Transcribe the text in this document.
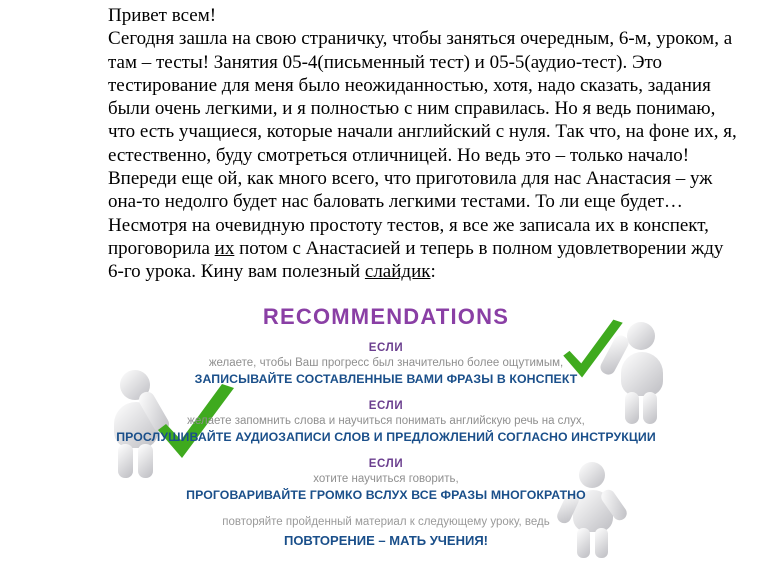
Привет всем!

Сегодня зашла на свою страничку, чтобы заняться очередным, 6-м, уроком, а там – тесты! Занятия 05-4(письменный тест) и 05-5(аудио-тест). Это тестирование для меня было неожиданностью, хотя, надо сказать, задания были очень легкими, и я полностью с ним справилась. Но я ведь понимаю, что есть учащиеся, которые начали английский с нуля. Так что, на фоне их, я, естественно, буду смотреться отличницей. Но ведь это – только начало! Впереди еще ой, как много всего, что приготовила для нас Анастасия – уж она-то недолго будет нас баловать легкими тестами. То ли еще будет… Несмотря на очевидную простоту тестов, я все же записала их в конспект, проговорила их потом с Анастасией и теперь в полном удовлетворении жду 6-го урока. Кину вам полезный слайдик:

RECOMMENDATIONS
ЕСЛИ
желаете, чтобы Ваш прогресс был значительно более ощутимым,
ЗАПИСЫВАЙТЕ СОСТАВЛЕННЫЕ ВАМИ ФРАЗЫ В КОНСПЕКТ
ЕСЛИ
желаете запомнить слова и научиться понимать английскую речь на слух,
ПРОСЛУШИВАЙТЕ АУДИОЗАПИСИ СЛОВ И ПРЕДЛОЖЛЕНИЙ СОГЛАСНО ИНСТРУКЦИИ
ЕСЛИ
хотите научиться говорить,
ПРОГОВАРИВАЙТЕ ГРОМКО ВСЛУХ ВСЕ ФРАЗЫ МНОГОКРАТНО
повторяйте пройденный материал к следующему уроку, ведь
ПОВТОРЕНИЕ – МАТЬ УЧЕНИЯ!
